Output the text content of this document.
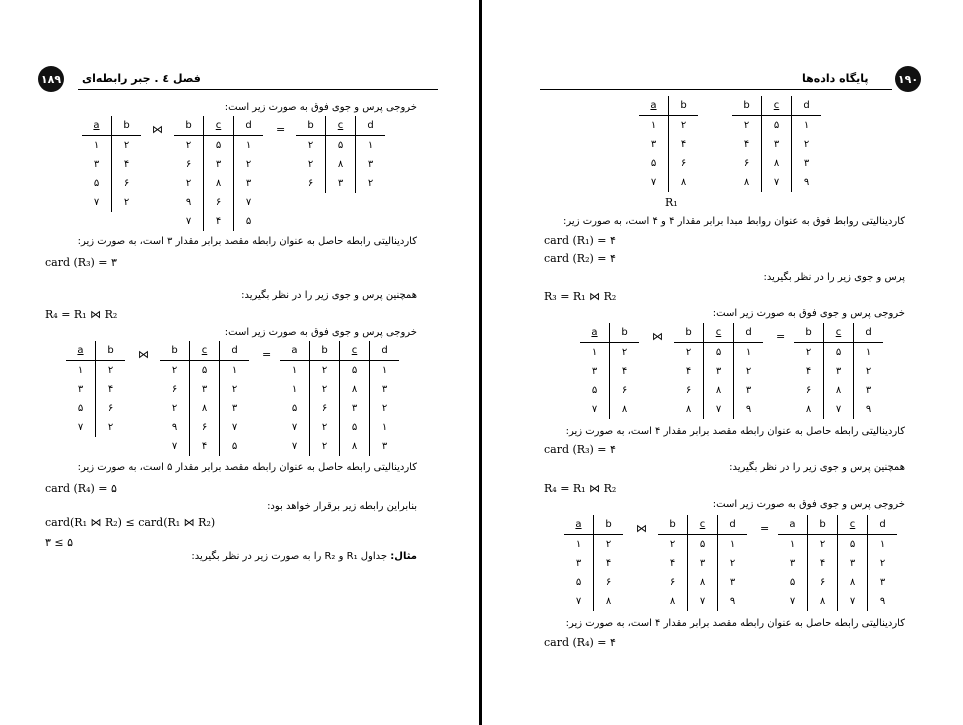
۱۸۹ فصل ٤ . جبر رابطه‌ای
خروجی پرس و جوی فوق به صورت زیر است:
a	b
۱	۲
۳	۴
۵	۶
۷	۲
⋈ b	c	d
۲	۵	۱
۶	۳	۲
۲	۸	۳
۹	۶	۷
۷	۴	۵
= b	c	d
۲	۵	۱
۲	۸	۳
۶	۳	۲
کاردینالیتی رابطه حاصل به عنوان رابطه مقصد برابر مقدار ۳ است، به صورت زیر:
card (R₃) = ۳
همچنین پرس و جوی زیر را در نظر بگیرید:
R₄ = R₁ ⋈ R₂
خروجی پرس و جوی فوق به صورت زیر است:
a	b
۱	۲
۳	۴
۵	۶
۷	۲
⋈ b	c	d
۲	۵	۱
۶	۳	۲
۲	۸	۳
۹	۶	۷
۷	۴	۵
= a	b	c	d
۱	۲	۵	۱
۱	۲	۸	۳
۵	۶	۳	۲
۷	۲	۵	۱
۷	۲	۸	۳
کاردینالیتی رابطه حاصل به عنوان رابطه مقصد برابر مقدار ۵ است، به صورت زیر:
card (R₄) = ۵
بنابراین رابطه زیر برقرار خواهد بود:
card(R₁ ⋈ R₂) ≤ card(R₁ ⋈ R₂)
۳ ≤ ۵
مثال: جداول R₁ و R₂ را به صورت زیر در نظر بگیرید:
۱۹۰
پایگاه داده‌ها
a	b
۱	۲
۳	۴
۵	۶
۷	۸
R₁
b	c	d
۲	۵	۱
۴	۳	۲
۶	۸	۳
۸	۷	۹
کاردینالیتی روابط فوق به عنوان روابط مبدا برابر مقدار ۴ و ۴ است، به صورت زیر:
card (R₁) = ۴
card (R₂) = ۴
پرس و جوی زیر را در نظر بگیرید:
R₃ = R₁ ⋈ R₂
خروجی پرس و جوی فوق به صورت زیر است:
a	b
۱	۲
۳	۴
۵	۶
۷	۸
⋈ b	c	d
۲	۵	۱
۴	۳	۲
۶	۸	۳
۸	۷	۹
= b	c	d
۲	۵	۱
۴	۳	۲
۶	۸	۳
۸	۷	۹
کاردینالیتی رابطه حاصل به عنوان رابطه مقصد برابر مقدار ۴ است، به صورت زیر:
card (R₃) = ۴
همچنین پرس و جوی زیر را در نظر بگیرید:
R₄ = R₁ ⋈ R₂
خروجی پرس و جوی فوق به صورت زیر است:
a	b
۱	۲
۳	۴
۵	۶
۷	۸
⋈ b	c	d
۲	۵	۱
۴	۳	۲
۶	۸	۳
۸	۷	۹
= a	b	c	d
۱	۲	۵	۱
۳	۴	۳	۲
۵	۶	۸	۳
۷	۸	۷	۹
کاردینالیتی رابطه حاصل به عنوان رابطه مقصد برابر مقدار ۴ است، به صورت زیر:
card (R₄) = ۴
